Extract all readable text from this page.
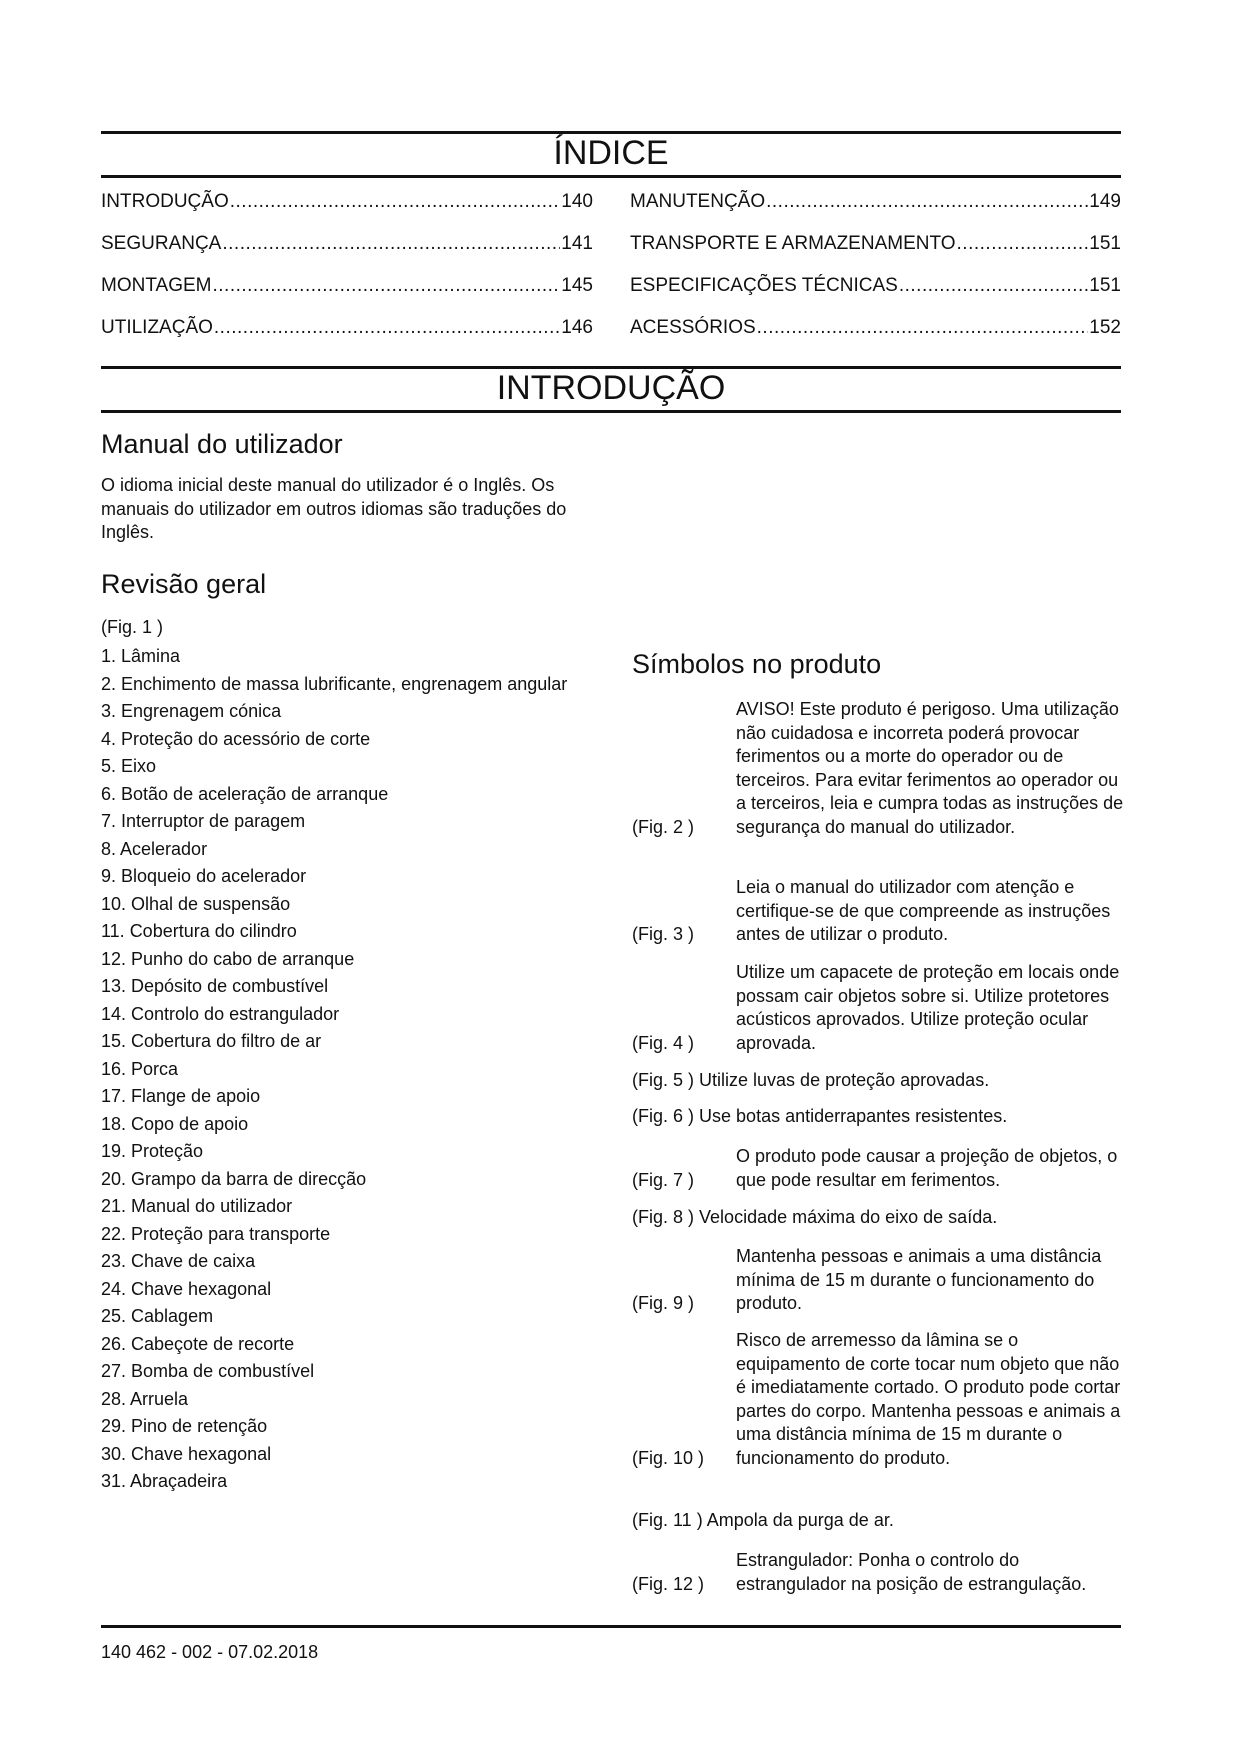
ÍNDICE
INTRODUÇÃO .....	140
SEGURANÇA .....	141
MONTAGEM .....	145
UTILIZAÇÃO .....	146
MANUTENÇÃO .....	149
TRANSPORTE E ARMAZENAMENTO .....	151
ESPECIFICAÇÕES TÉCNICAS .....	151
ACESSÓRIOS .....	152
INTRODUÇÃO
Manual do utilizador
O idioma inicial deste manual do utilizador é o Inglês. Os manuais do utilizador em outros idiomas são traduções do Inglês.
Revisão geral
(Fig. 1 )
1. Lâmina
2. Enchimento de massa lubrificante, engrenagem angular
3. Engrenagem cónica
4. Proteção do acessório de corte
5. Eixo
6. Botão de aceleração de arranque
7. Interruptor de paragem
8. Acelerador
9. Bloqueio do acelerador
10. Olhal de suspensão
11. Cobertura do cilindro
12. Punho do cabo de arranque
13. Depósito de combustível
14. Controlo do estrangulador
15. Cobertura do filtro de ar
16. Porca
17. Flange de apoio
18. Copo de apoio
19. Proteção
20. Grampo da barra de direcção
21. Manual do utilizador
22. Proteção para transporte
23. Chave de caixa
24. Chave hexagonal
25. Cablagem
26. Cabeçote de recorte
27. Bomba de combustível
28. Arruela
29. Pino de retenção
30. Chave hexagonal
31. Abraçadeira
Símbolos no produto
(Fig. 2 )
AVISO! Este produto é perigoso. Uma utilização não cuidadosa e incorreta poderá provocar ferimentos ou a morte do operador ou de terceiros. Para evitar ferimentos ao operador ou a terceiros, leia e cumpra todas as instruções de segurança do manual do utilizador.
(Fig. 3 )
Leia o manual do utilizador com atenção e certifique-se de que compreende as instruções antes de utilizar o produto.
(Fig. 4 )
Utilize um capacete de proteção em locais onde possam cair objetos sobre si. Utilize protetores acústicos aprovados. Utilize proteção ocular aprovada.
(Fig. 5 ) Utilize luvas de proteção aprovadas.
(Fig. 6 ) Use botas antiderrapantes resistentes.
(Fig. 7 )
O produto pode causar a projeção de objetos, o que pode resultar em ferimentos.
(Fig. 8 ) Velocidade máxima do eixo de saída.
(Fig. 9 )
Mantenha pessoas e animais a uma distância mínima de 15 m durante o funcionamento do produto.
(Fig. 10 )
Risco de arremesso da lâmina se o equipamento de corte tocar num objeto que não é imediatamente cortado. O produto pode cortar partes do corpo. Mantenha pessoas e animais a uma distância mínima de 15 m durante o funcionamento do produto.
(Fig. 11 ) Ampola da purga de ar.
(Fig. 12 )
Estrangulador: Ponha o controlo do estrangulador na posição de estrangulação.
140 462 - 002 - 07.02.2018
